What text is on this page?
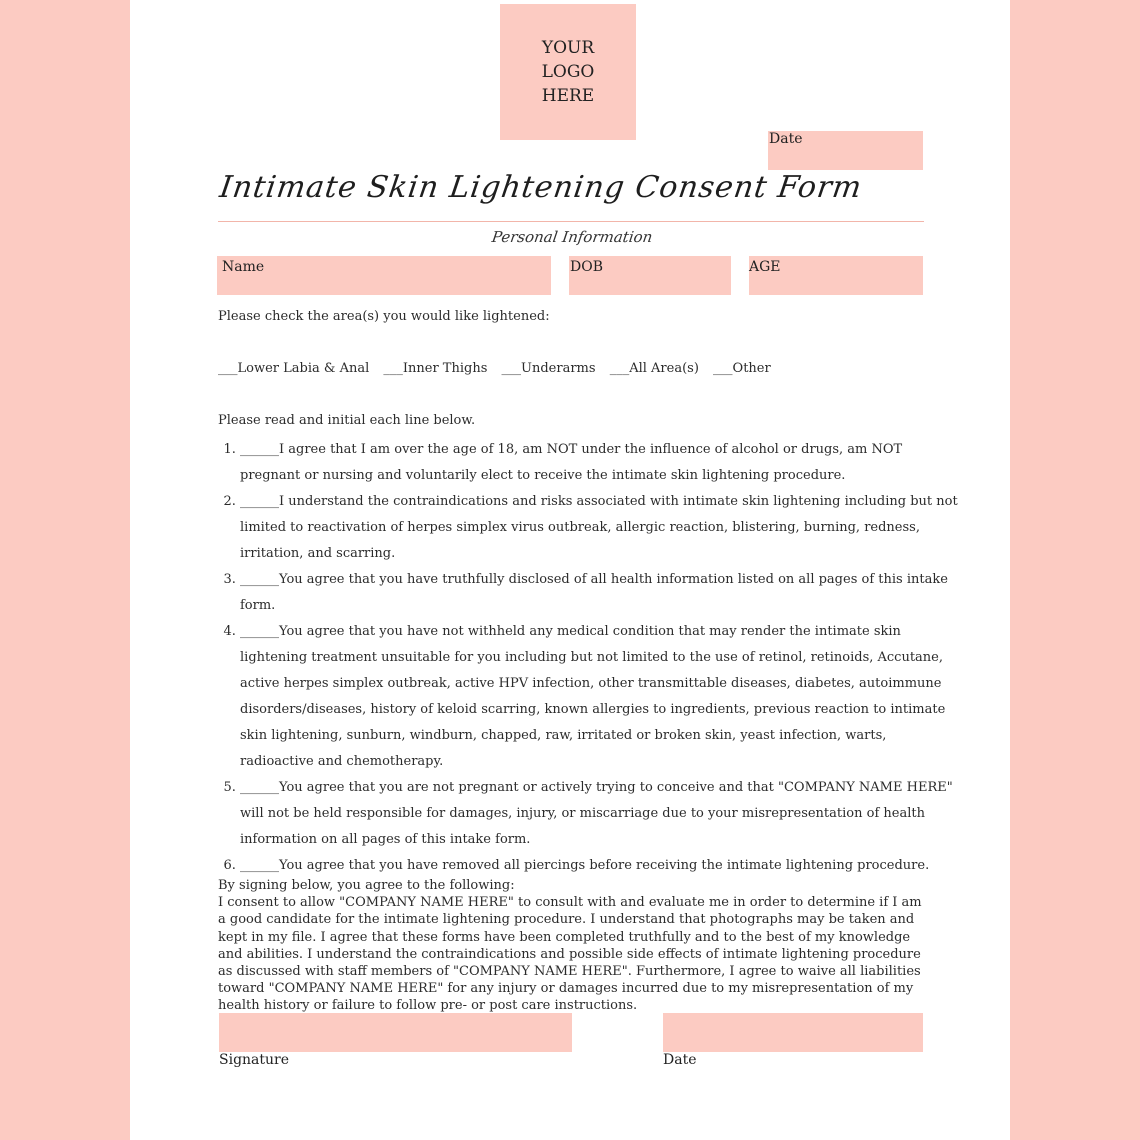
YOUR
LOGO
HERE
Date
Intimate Skin Lightening Consent Form
Personal Information
Name	DOB	AGE
Please check the area(s) you would like lightened:
___Lower Labia & Anal ___Inner Thighs ___Underarms ___All Area(s) ___Other
Please read and initial each line below.
1. ______I agree that I am over the age of 18, am NOT under the influence of alcohol or drugs, am NOT pregnant or nursing and voluntarily elect to receive the intimate skin lightening procedure.
2. ______I understand the contraindications and risks associated with intimate skin lightening including but not limited to reactivation of herpes simplex virus outbreak, allergic reaction, blistering, burning, redness, irritation, and scarring.
3. ______You agree that you have truthfully disclosed of all health information listed on all pages of this intake form.
4. ______You agree that you have not withheld any medical condition that may render the intimate skin lightening treatment unsuitable for you including but not limited to the use of retinol, retinoids, Accutane, active herpes simplex outbreak, active HPV infection, other transmittable diseases, diabetes, autoimmune disorders/diseases, history of keloid scarring, known allergies to ingredients, previous reaction to intimate skin lightening, sunburn, windburn, chapped, raw, irritated or broken skin, yeast infection, warts, radioactive and chemotherapy.
5. ______You agree that you are not pregnant or actively trying to conceive and that "COMPANY NAME HERE" will not be held responsible for damages, injury, or miscarriage due to your misrepresentation of health information on all pages of this intake form.
6. ______You agree that you have removed all piercings before receiving the intimate lightening procedure.

By signing below, you agree to the following:

I consent to allow "COMPANY NAME HERE" to consult with and evaluate me in order to determine if I am a good candidate for the intimate lightening procedure. I understand that photographs may be taken and kept in my file. I agree that these forms have been completed truthfully and to the best of my knowledge and abilities. I understand the contraindications and possible side effects of intimate lightening procedure as discussed with staff members of "COMPANY NAME HERE". Furthermore, I agree to waive all liabilities toward "COMPANY NAME HERE" for any injury or damages incurred due to my misrepresentation of my health history or failure to follow pre- or post care instructions.

Signature	Date
